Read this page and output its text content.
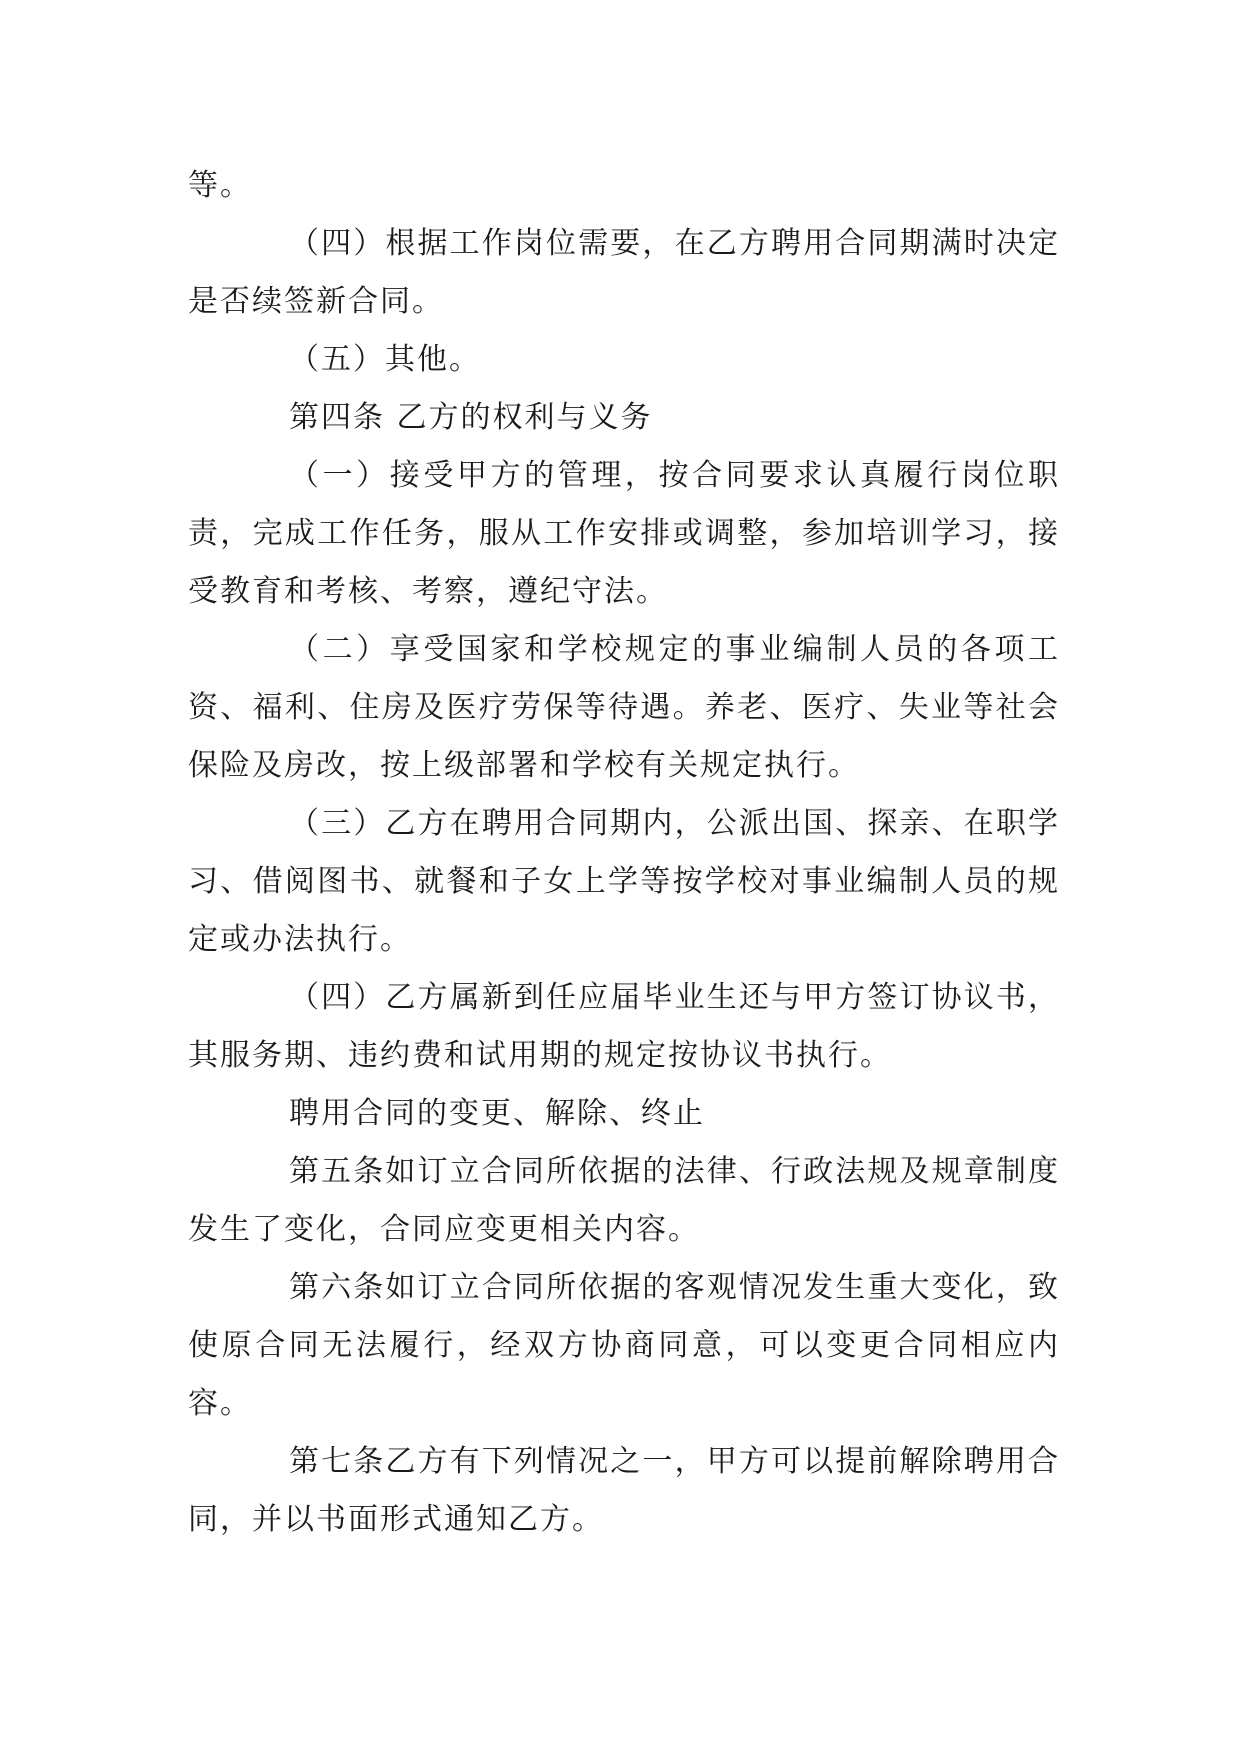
等。

（四）根据工作岗位需要，在乙方聘用合同期满时决定是否续签新合同。

（五）其他。

第四条 乙方的权利与义务

（一）接受甲方的管理，按合同要求认真履行岗位职责，完成工作任务，服从工作安排或调整，参加培训学习，接受教育和考核、考察，遵纪守法。

（二）享受国家和学校规定的事业编制人员的各项工资、福利、住房及医疗劳保等待遇。养老、医疗、失业等社会保险及房改，按上级部署和学校有关规定执行。

（三）乙方在聘用合同期内，公派出国、探亲、在职学习、借阅图书、就餐和子女上学等按学校对事业编制人员的规定或办法执行。

（四）乙方属新到任应届毕业生还与甲方签订协议书，其服务期、违约费和试用期的规定按协议书执行。

聘用合同的变更、解除、终止

第五条如订立合同所依据的法律、行政法规及规章制度发生了变化，合同应变更相关内容。

第六条如订立合同所依据的客观情况发生重大变化，致使原合同无法履行，经双方协商同意，可以变更合同相应内容。

第七条乙方有下列情况之一，甲方可以提前解除聘用合同，并以书面形式通知乙方。
